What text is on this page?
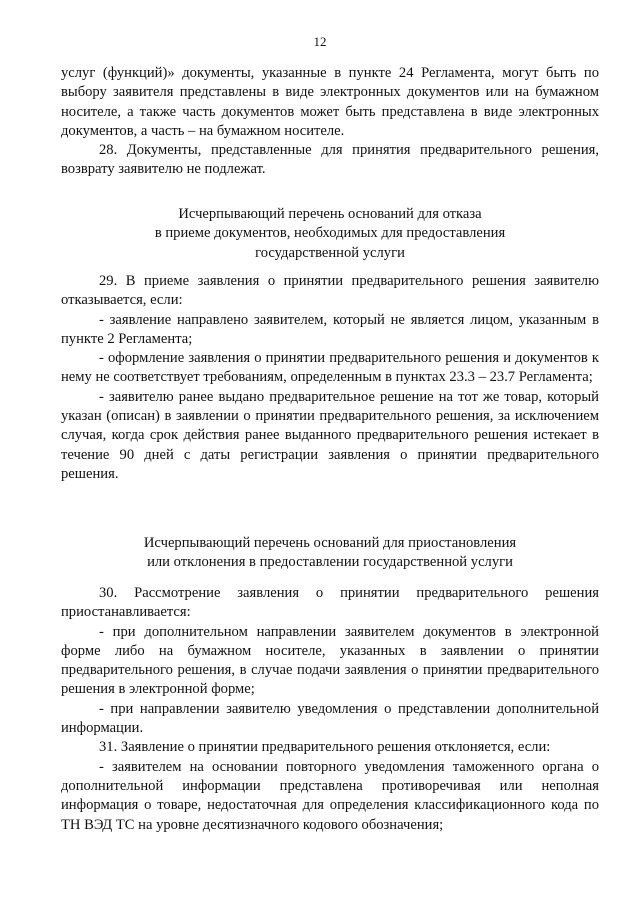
12

услуг (функций)» документы, указанные в пункте 24 Регламента, могут быть по выбору заявителя представлены в виде электронных документов или на бумажном носителе, а также часть документов может быть представлена в виде электронных документов, а часть – на бумажном носителе.

28. Документы, представленные для принятия предварительного решения, возврату заявителю не подлежат.

Исчерпывающий перечень оснований для отказа
в приеме документов, необходимых для предоставления
государственной услуги

29. В приеме заявления о принятии предварительного решения заявителю отказывается, если:

- заявление направлено заявителем, который не является лицом, указанным в пункте 2 Регламента;

- оформление заявления о принятии предварительного решения и документов к нему не соответствует требованиям, определенным в пунктах 23.3 – 23.7 Регламента;

- заявителю ранее выдано предварительное решение на тот же товар, который указан (описан) в заявлении о принятии предварительного решения, за исключением случая, когда срок действия ранее выданного предварительного решения истекает в течение 90 дней с даты регистрации заявления о принятии предварительного решения.

Исчерпывающий перечень оснований для приостановления
или отклонения в предоставлении государственной услуги

30. Рассмотрение заявления о принятии предварительного решения приостанавливается:

- при дополнительном направлении заявителем документов в электронной форме либо на бумажном носителе, указанных в заявлении о принятии предварительного решения, в случае подачи заявления о принятии предварительного решения в электронной форме;

- при направлении заявителю уведомления о представлении дополнительной информации.

31. Заявление о принятии предварительного решения отклоняется, если:

- заявителем на основании повторного уведомления таможенного органа о дополнительной информации представлена противоречивая или неполная информация о товаре, недостаточная для определения классификационного кода по ТН ВЭД ТС на уровне десятизначного кодового обозначения;
